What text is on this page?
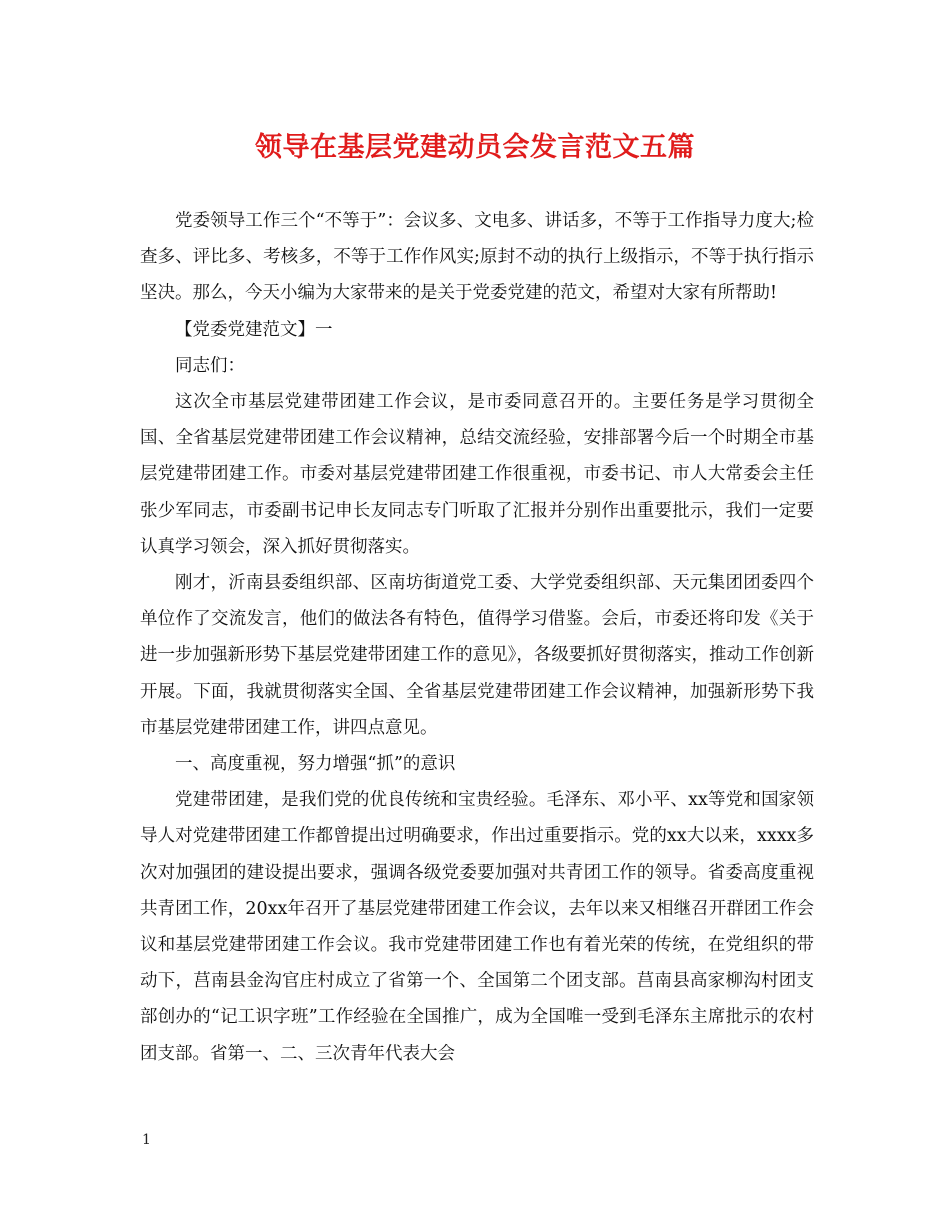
领导在基层党建动员会发言范文五篇

党委领导工作三个“不等于”：会议多、文电多、讲话多，不等于工作指导力度大;检查多、评比多、考核多，不等于工作作风实;原封不动的执行上级指示，不等于执行指示坚决。那么，今天小编为大家带来的是关于党委党建的范文，希望对大家有所帮助!

【党委党建范文】一

同志们：

这次全市基层党建带团建工作会议，是市委同意召开的。主要任务是学习贯彻全国、全省基层党建带团建工作会议精神，总结交流经验，安排部署今后一个时期全市基层党建带团建工作。市委对基层党建带团建工作很重视，市委书记、市人大常委会主任张少军同志，市委副书记申长友同志专门听取了汇报并分别作出重要批示，我们一定要认真学习领会，深入抓好贯彻落实。

刚才，沂南县委组织部、区南坊街道党工委、大学党委组织部、天元集团团委四个单位作了交流发言，他们的做法各有特色，值得学习借鉴。会后，市委还将印发《关于进一步加强新形势下基层党建带团建工作的意见》，各级要抓好贯彻落实，推动工作创新开展。下面，我就贯彻落实全国、全省基层党建带团建工作会议精神，加强新形势下我市基层党建带团建工作，讲四点意见。

一、高度重视，努力增强“抓”的意识

党建带团建，是我们党的优良传统和宝贵经验。毛泽东、邓小平、xx等党和国家领导人对党建带团建工作都曾提出过明确要求，作出过重要指示。党的xx大以来，xxxx多次对加强团的建设提出要求，强调各级党委要加强对共青团工作的领导。省委高度重视共青团工作，20xx年召开了基层党建带团建工作会议，去年以来又相继召开群团工作会议和基层党建带团建工作会议。我市党建带团建工作也有着光荣的传统，在党组织的带动下，莒南县金沟官庄村成立了省第一个、全国第二个团支部。莒南县高家柳沟村团支部创办的“记工识字班”工作经验在全国推广，成为全国唯一受到毛泽东主席批示的农村团支部。省第一、二、三次青年代表大会

1
